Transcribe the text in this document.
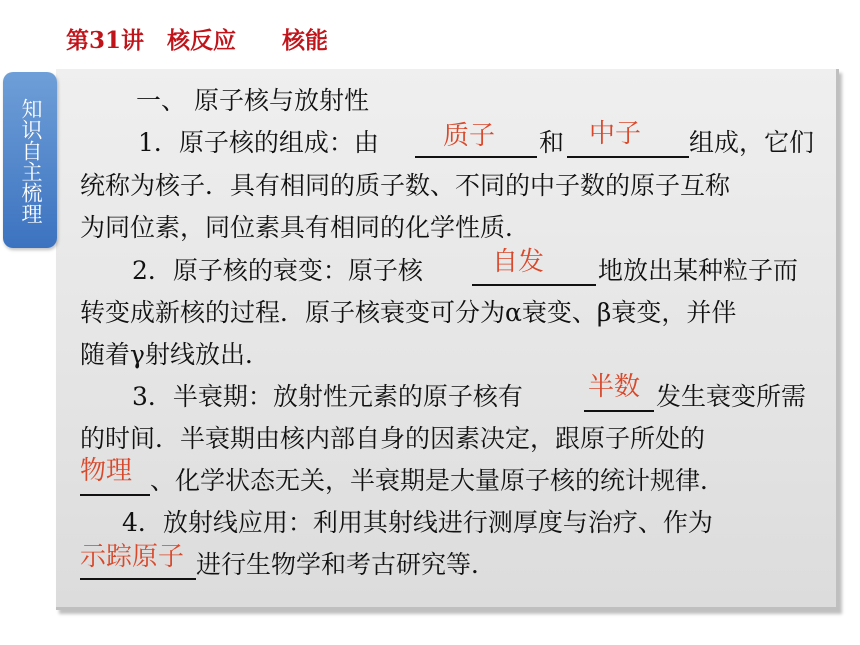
第31讲　核反应　　核能
知识自主梳理	一、 原子核与放射性
1．原子核的组成：由 质子 和 中子 组成，它们
统称为核子．具有相同的质子数、不同的中子数的原子互称
为同位素，同位素具有相同的化学性质．
2．原子核的衰变：原子核	自发 地放出某种粒子而
转变成新核的过程．原子核衰变可分为α衰变、β衰变，并伴
随着γ射线放出．
3．半衰期：放射性元素的原子核有	半数 发生衰变所需
的时间．半衰期由核内部自身的因素决定，跟原子所处的
物理 、化学状态无关，半衰期是大量原子核的统计规律．
4．放射线应用：利用其射线进行测厚度与治疗、作为
示踪原子 进行生物学和考古研究等．
